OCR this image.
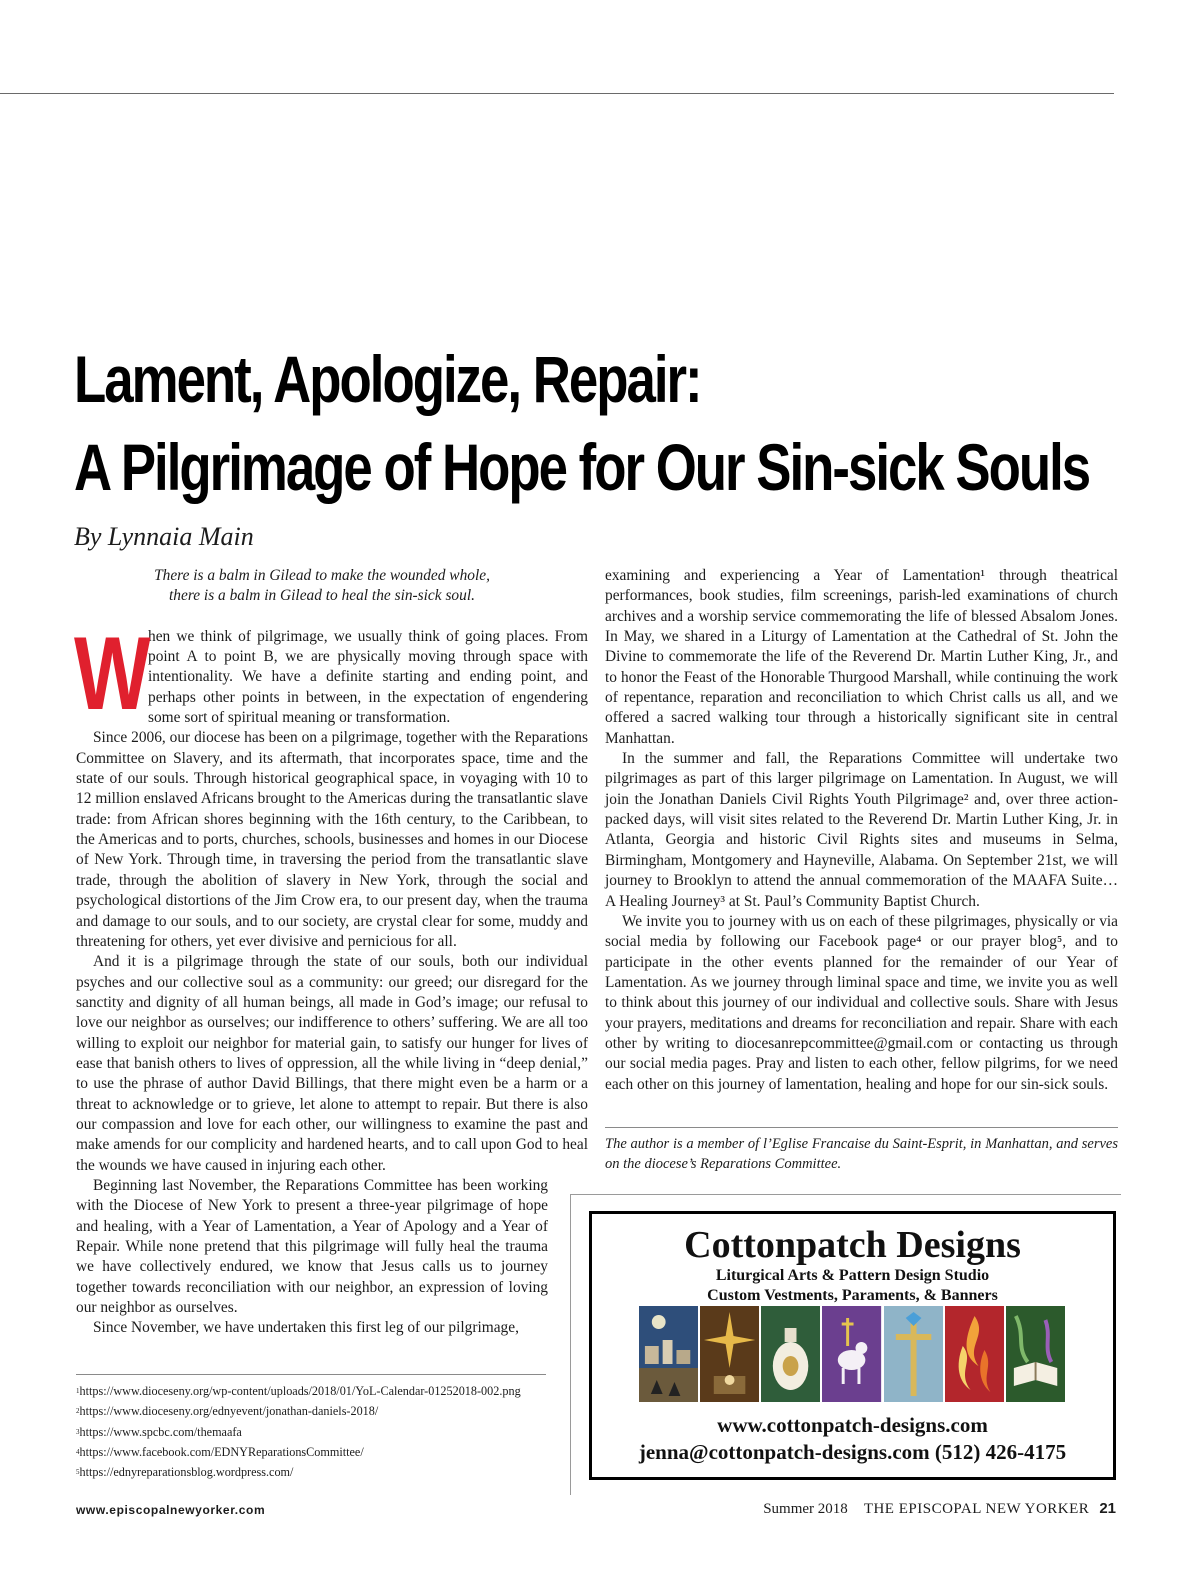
Lament, Apologize, Repair:
A Pilgrimage of Hope for Our Sin-sick Souls
By Lynnaia Main
There is a balm in Gilead to make the wounded whole,
there is a balm in Gilead to heal the sin-sick soul.

W
hen we think of pilgrimage, we usually think of going places. From point A to point B, we are physically moving through space with intentionality. We have a definite starting and ending point, and perhaps other points in between, in the expectation of engendering some sort of spiritual meaning or transformation.

Since 2006, our diocese has been on a pilgrimage, together with the Reparations Committee on Slavery, and its aftermath, that incorporates space, time and the state of our souls. Through historical geographical space, in voyaging with 10 to 12 million enslaved Africans brought to the Americas during the transatlantic slave trade: from African shores beginning with the 16th century, to the Caribbean, to the Americas and to ports, churches, schools, businesses and homes in our Diocese of New York. Through time, in traversing the period from the transatlantic slave trade, through the abolition of slavery in New York, through the social and psychological distortions of the Jim Crow era, to our present day, when the trauma and damage to our souls, and to our society, are crystal clear for some, muddy and threatening for others, yet ever divisive and pernicious for all.

And it is a pilgrimage through the state of our souls, both our individual psyches and our collective soul as a community: our greed; our disregard for the sanctity and dignity of all human beings, all made in God’s image; our refusal to love our neighbor as ourselves; our indifference to others’ suffering. We are all too willing to exploit our neighbor for material gain, to satisfy our hunger for lives of ease that banish others to lives of oppression, all the while living in “deep denial,” to use the phrase of author David Billings, that there might even be a harm or a threat to acknowledge or to grieve, let alone to attempt to repair. But there is also our compassion and love for each other, our willingness to examine the past and make amends for our complicity and hardened hearts, and to call upon God to heal the wounds we have caused in injuring each other.

Beginning last November, the Reparations Committee has been working with the Diocese of New York to present a three-year pilgrimage of hope and healing, with a Year of Lamentation, a Year of Apology and a Year of Repair. While none pretend that this pilgrimage will fully heal the trauma we have collectively endured, we know that Jesus calls us to journey together towards reconciliation with our neighbor, an expression of loving our neighbor as ourselves.

Since November, we have undertaken this first leg of our pilgrimage,

$^1$https://www.dioceseny.org/wp-content/uploads/2018/01/YoL-Calendar-01252018-002.png
$^2$https://www.dioceseny.org/ednyevent/jonathan-daniels-2018/
$^3$https://www.spcbc.com/themaafa
$^4$https://www.facebook.com/EDNYReparationsCommittee/
$^5$https://ednyreparationsblog.wordpress.com/

examining and experiencing a Year of Lamentation¹ through theatrical performances, book studies, film screenings, parish-led examinations of church archives and a worship service commemorating the life of blessed Absalom Jones. In May, we shared in a Liturgy of Lamentation at the Cathedral of St. John the Divine to commemorate the life of the Reverend Dr. Martin Luther King, Jr., and to honor the Feast of the Honorable Thurgood Marshall, while continuing the work of repentance, reparation and reconciliation to which Christ calls us all, and we offered a sacred walking tour through a historically significant site in central Manhattan.

In the summer and fall, the Reparations Committee will undertake two pilgrimages as part of this larger pilgrimage on Lamentation. In August, we will join the Jonathan Daniels Civil Rights Youth Pilgrimage² and, over three action-packed days, will visit sites related to the Reverend Dr. Martin Luther King, Jr. in Atlanta, Georgia and historic Civil Rights sites and museums in Selma, Birmingham, Montgomery and Hayneville, Alabama. On September 21st, we will journey to Brooklyn to attend the annual commemoration of the MAAFA Suite…A Healing Journey³ at St. Paul’s Community Baptist Church.

We invite you to journey with us on each of these pilgrimages, physically or via social media by following our Facebook page⁴ or our prayer blog⁵, and to participate in the other events planned for the remainder of our Year of Lamentation. As we journey through liminal space and time, we invite you as well to think about this journey of our individual and collective souls. Share with Jesus your prayers, meditations and dreams for reconciliation and repair. Share with each other by writing to diocesanrepcommittee@gmail.com or contacting us through our social media pages. Pray and listen to each other, fellow pilgrims, for we need each other on this journey of lamentation, healing and hope for our sin-sick souls.

The author is a member of l’Eglise Francaise du Saint-Esprit, in Manhattan, and serves on the diocese’s Reparations Committee.

Cottonpatch Designs
Liturgical Arts & Pattern Design Studio
Custom Vestments, Paraments, & Banners
www.cottonpatch-designs.com
jenna@cottonpatch-designs.com (512) 426-4175
www.episcopalnewyorker.com	Summer 2018 THE EPISCOPAL NEW YORKER 21
